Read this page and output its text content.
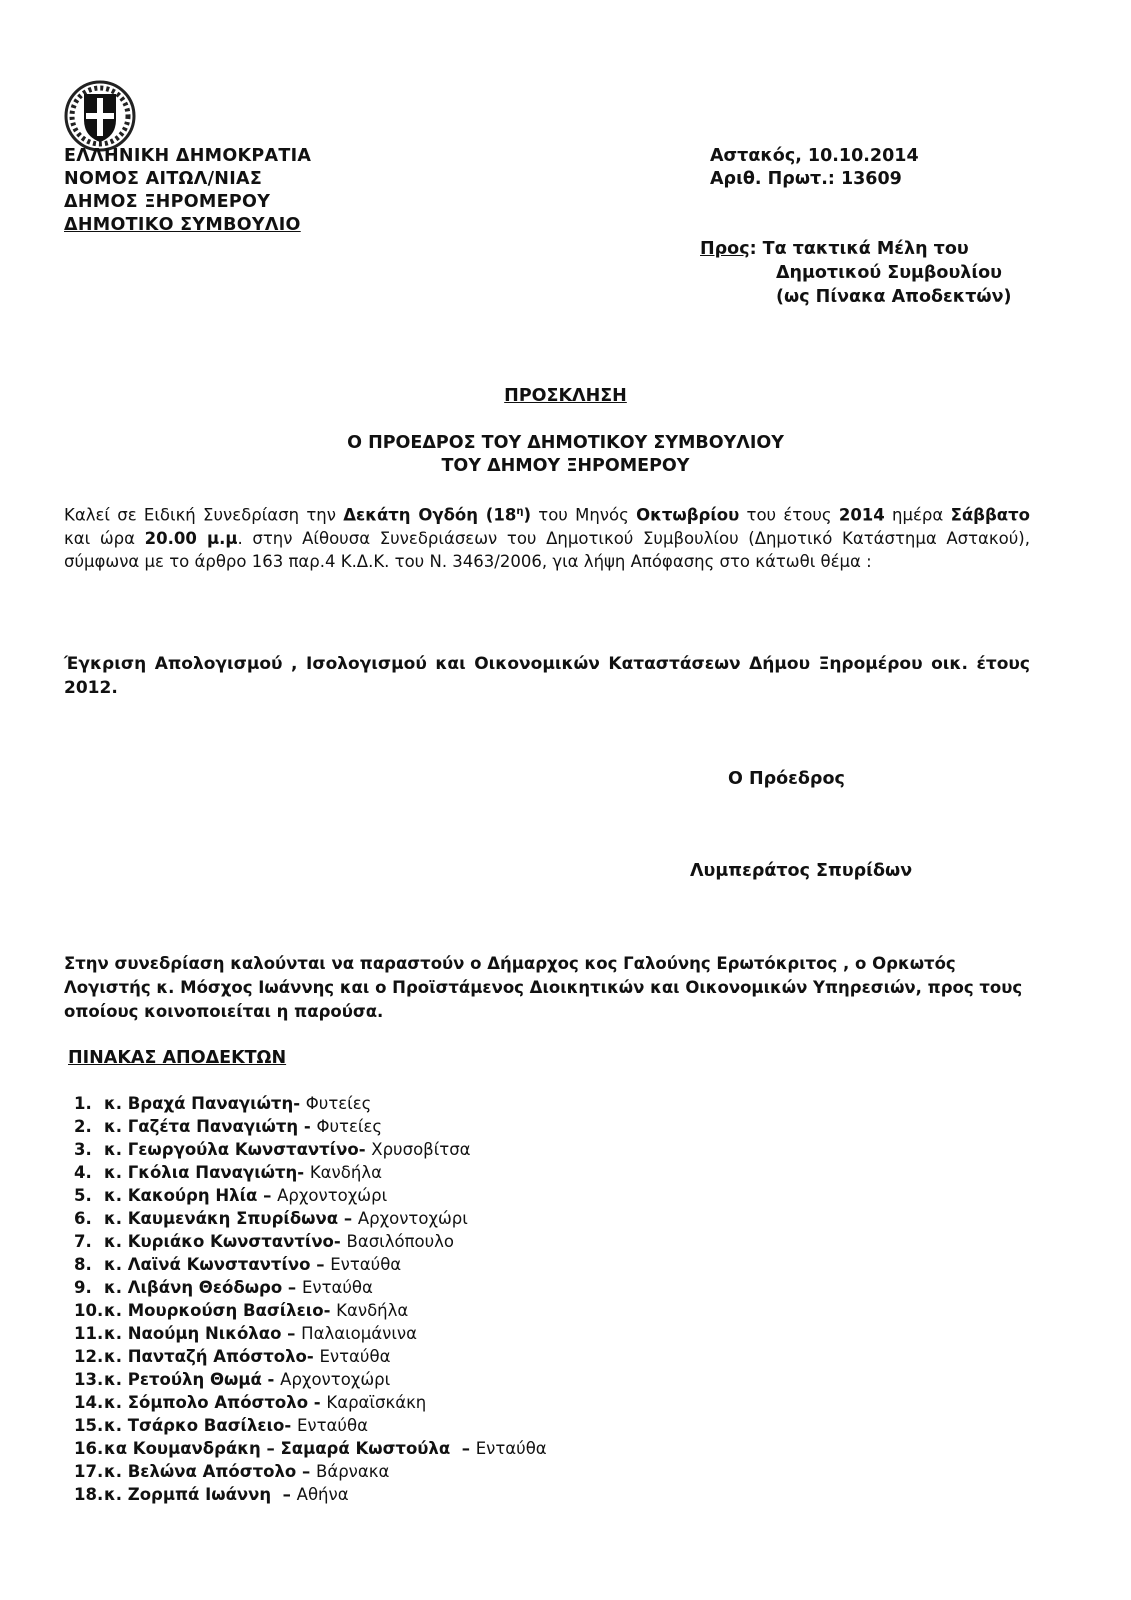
ΕΛΛΗΝΙΚΗ ΔΗΜΟΚΡΑΤΙΑ
ΝΟΜΟΣ ΑΙΤΩΛ/ΝΙΑΣ
ΔΗΜΟΣ ΞΗΡΟΜΕΡΟΥ
ΔΗΜΟΤΙΚΟ ΣΥΜΒΟΥΛΙΟ
Αστακός, 10.10.2014
Αριθ. Πρωτ.: 13609
Προς: Τα τακτικά Μέλη του
Δημοτικού Συμβουλίου
(ως Πίνακα Αποδεκτών)
ΠΡΟΣΚΛΗΣΗ
Ο ΠΡΟΕΔΡΟΣ ΤΟΥ ΔΗΜΟΤΙΚΟΥ ΣΥΜΒΟΥΛΙΟΥ
ΤΟΥ ΔΗΜΟΥ ΞΗΡΟΜΕΡΟΥ
Καλεί σε Ειδική Συνεδρίαση την Δεκάτη Ογδόη $(18^\eta)$ του Μηνός Οκτωβρίου του έτους 2014 ημέρα Σάββατο και ώρα 20.00 μ.μ. στην Αίθουσα Συνεδριάσεων του Δημοτικού Συμβουλίου (Δημοτικό Κατάστημα Αστακού), σύμφωνα με το άρθρο 163 παρ.4 Κ.Δ.Κ. του Ν. 3463/2006, για λήψη Απόφασης στο κάτωθι θέμα :
Έγκριση Απολογισμού , Ισολογισμού και Οικονομικών Καταστάσεων Δήμου Ξηρομέρου οικ. έτους 2012.
Ο Πρόεδρος
Λυμπεράτος Σπυρίδων
Στην συνεδρίαση καλούνται να παραστούν ο Δήμαρχος κος Γαλούνης Ερωτόκριτος , ο Ορκωτός Λογιστής κ. Μόσχος Ιωάννης και ο Προϊστάμενος Διοικητικών και Οικονομικών Υπηρεσιών, προς τους οποίους κοινοποιείται η παρούσα.
ΠΙΝΑΚΑΣ ΑΠΟΔΕΚΤΩΝ
1. κ. Βραχά Παναγιώτη- Φυτείες
2. κ. Γαζέτα Παναγιώτη - Φυτείες
3. κ. Γεωργούλα Κωνσταντίνο- Χρυσοβίτσα
4. κ. Γκόλια Παναγιώτη- Κανδήλα
5. κ. Κακούρη Ηλία – Αρχοντοχώρι
6. κ. Καυμενάκη Σπυρίδωνα – Αρχοντοχώρι
7. κ. Κυριάκο Κωνσταντίνο- Βασιλόπουλο
8. κ. Λαϊνά Κωνσταντίνο – Ενταύθα
9. κ. Λιβάνη Θεόδωρο – Ενταύθα
10.κ. Μουρκούση Βασίλειο- Κανδήλα
11.κ. Ναούμη Νικόλαο – Παλαιομάνινα
12.κ. Πανταζή Απόστολο- Ενταύθα
13.κ. Ρετούλη Θωμά - Αρχοντοχώρι
14.κ. Σόμπολο Απόστολο - Καραϊσκάκη
15.κ. Τσάρκο Βασίλειο- Ενταύθα
16.κα Κουμανδράκη – Σαμαρά Κωστούλα  – Ενταύθα
17.κ. Βελώνα Απόστολο – Βάρνακα
18.κ. Ζορμπά Ιωάννη  – Αθήνα
